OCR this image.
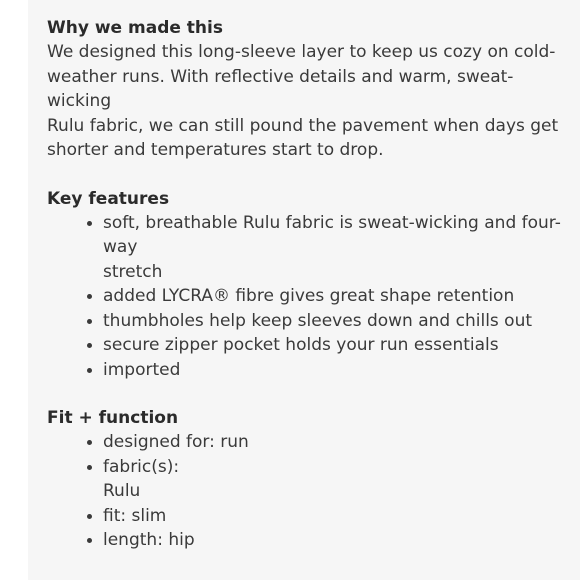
Why we made this

We designed this long-sleeve layer to keep us cozy on cold-
weather runs. With reflective details and warm, sweat-wicking
Rulu fabric, we can still pound the pavement when days get
shorter and temperatures start to drop.

Key features
soft, breathable Rulu fabric is sweat-wicking and four-way
stretch
added LYCRA® fibre gives great shape retention
thumbholes help keep sleeves down and chills out
secure zipper pocket holds your run essentials
imported
Fit + function
designed for: run
fabric(s):
Rulu
fit: slim
length: hip
